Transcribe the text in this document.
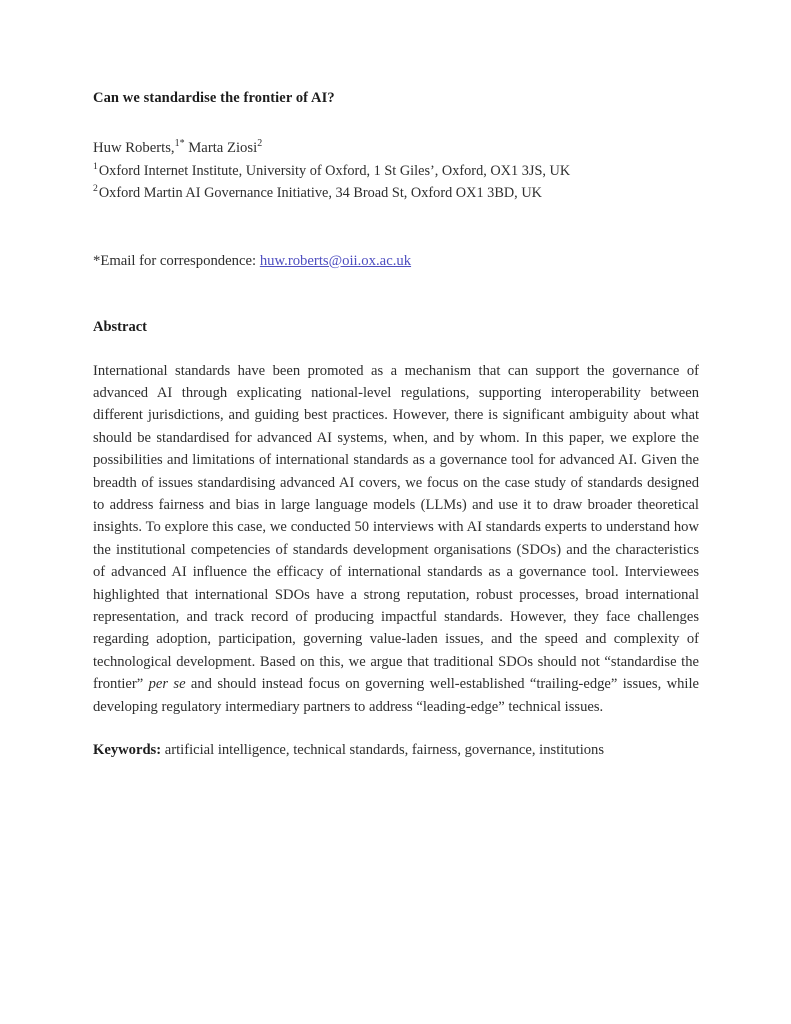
Can we standardise the frontier of AI?
Huw Roberts,$^{1*}$ Marta Ziosi$^2$
$^1$Oxford Internet Institute, University of Oxford, 1 St Giles’, Oxford, OX1 3JS, UK
$^2$Oxford Martin AI Governance Initiative, 34 Broad St, Oxford OX1 3BD, UK
*Email for correspondence: huw.roberts@oii.ox.ac.uk
Abstract

International standards have been promoted as a mechanism that can support the governance of advanced AI through explicating national-level regulations, supporting interoperability between different jurisdictions, and guiding best practices. However, there is significant ambiguity about what should be standardised for advanced AI systems, when, and by whom. In this paper, we explore the possibilities and limitations of international standards as a governance tool for advanced AI. Given the breadth of issues standardising advanced AI covers, we focus on the case study of standards designed to address fairness and bias in large language models (LLMs) and use it to draw broader theoretical insights. To explore this case, we conducted 50 interviews with AI standards experts to understand how the institutional competencies of standards development organisations (SDOs) and the characteristics of advanced AI influence the efficacy of international standards as a governance tool. Interviewees highlighted that international SDOs have a strong reputation, robust processes, broad international representation, and track record of producing impactful standards. However, they face challenges regarding adoption, participation, governing value-laden issues, and the speed and complexity of technological development. Based on this, we argue that traditional SDOs should not “standardise the frontier” per se and should instead focus on governing well-established “trailing-edge” issues, while developing regulatory intermediary partners to address “leading-edge” technical issues.

Keywords: artificial intelligence, technical standards, fairness, governance, institutions
